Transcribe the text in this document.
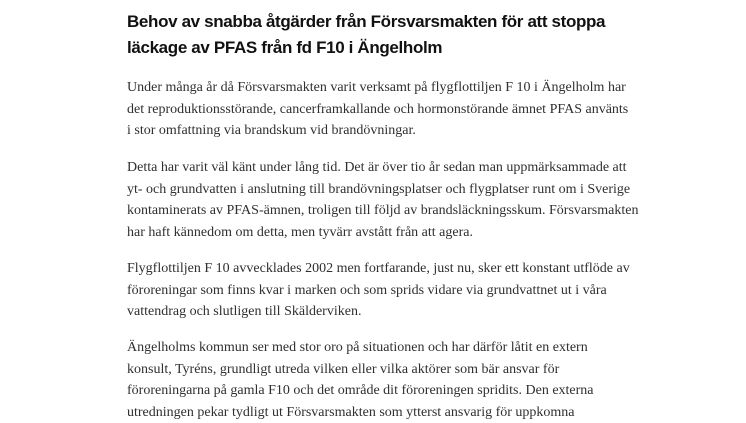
Behov av snabba åtgärder från Försvarsmakten för att stoppa
läckage av PFAS från fd F10 i Ängelholm

Under många år då Försvarsmakten varit verksamt på flygflottiljen F 10 i Ängelholm har
det reproduktionsstörande, cancerframkallande och hormonstörande ämnet PFAS använts
i stor omfattning via brandskum vid brandövningar.

Detta har varit väl känt under lång tid. Det är över tio år sedan man uppmärksammade att
yt- och grundvatten i anslutning till brandövningsplatser och flygplatser runt om i Sverige
kontaminerats av PFAS-ämnen, troligen till följd av brandsläckningsskum. Försvarsmakten
har haft kännedom om detta, men tyvärr avstått från att agera.

Flygflottiljen F 10 avvecklades 2002 men fortfarande, just nu, sker ett konstant utflöde av
föroreningar som finns kvar i marken och som sprids vidare via grundvattnet ut i våra
vattendrag och slutligen till Skälderviken.

Ängelholms kommun ser med stor oro på situationen och har därför låtit en extern
konsult, Tyréns, grundligt utreda vilken eller vilka aktörer som bär ansvar för
föroreningarna på gamla F10 och det område dit föroreningen spridits. Den externa
utredningen pekar tydligt ut Försvarsmakten som ytterst ansvarig för uppkomna
